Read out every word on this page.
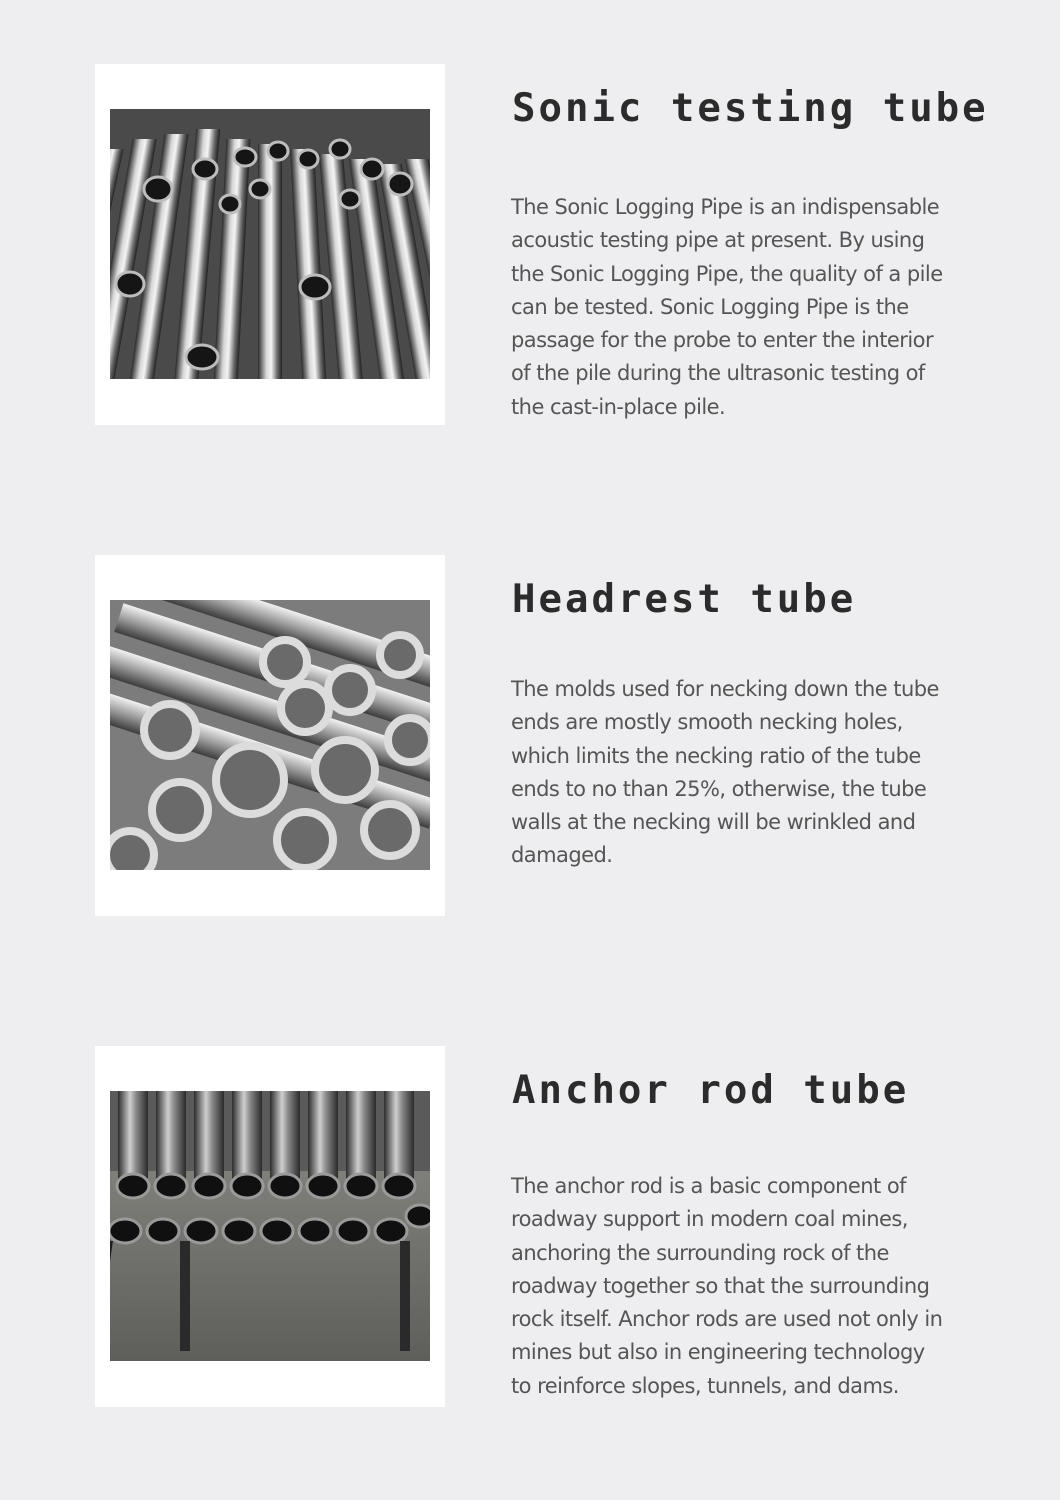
Sonic testing tube

The Sonic Logging Pipe is an indispensable
acoustic testing pipe at present. By using
the Sonic Logging Pipe, the quality of a pile
can be tested. Sonic Logging Pipe is the
passage for the probe to enter the interior
of the pile during the ultrasonic testing of
the cast-in-place pile.

Headrest tube

The molds used for necking down the tube
ends are mostly smooth necking holes,
which limits the necking ratio of the tube
ends to no than 25%, otherwise, the tube
walls at the necking will be wrinkled and
damaged.

Anchor rod tube

The anchor rod is a basic component of
roadway support in modern coal mines,
anchoring the surrounding rock of the
roadway together so that the surrounding
rock itself. Anchor rods are used not only in
mines but also in engineering technology
to reinforce slopes, tunnels, and dams.
